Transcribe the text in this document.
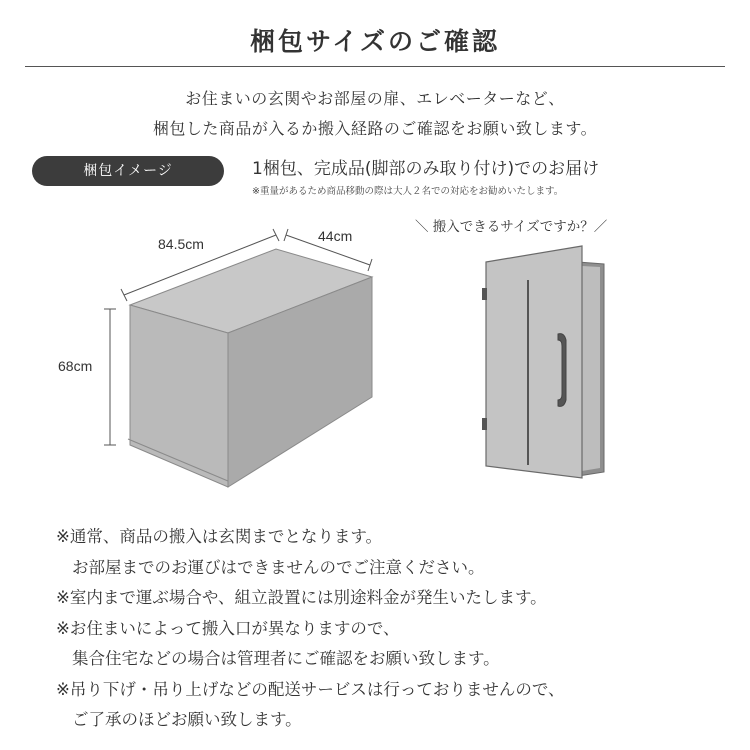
梱包サイズのご確認
お住まいの玄関やお部屋の扉、エレベーターなど、
梱包した商品が入るか搬入経路のご確認をお願い致します。
梱包イメージ	1梱包、完成品(脚部のみ取り付け)でのお届け
※重量があるため商品移動の際は大人２名での対応をお勧めいたします。
84.5cm	44cm
68cm
＼ 搬入できるサイズですか？／
※通常、商品の搬入は玄関までとなります。
お部屋までのお運びはできませんのでご注意ください。
※室内まで運ぶ場合や、組立設置には別途料金が発生いたします。
※お住まいによって搬入口が異なりますので、
集合住宅などの場合は管理者にご確認をお願い致します。
※吊り下げ・吊り上げなどの配送サービスは行っておりませんので、
ご了承のほどお願い致します。
